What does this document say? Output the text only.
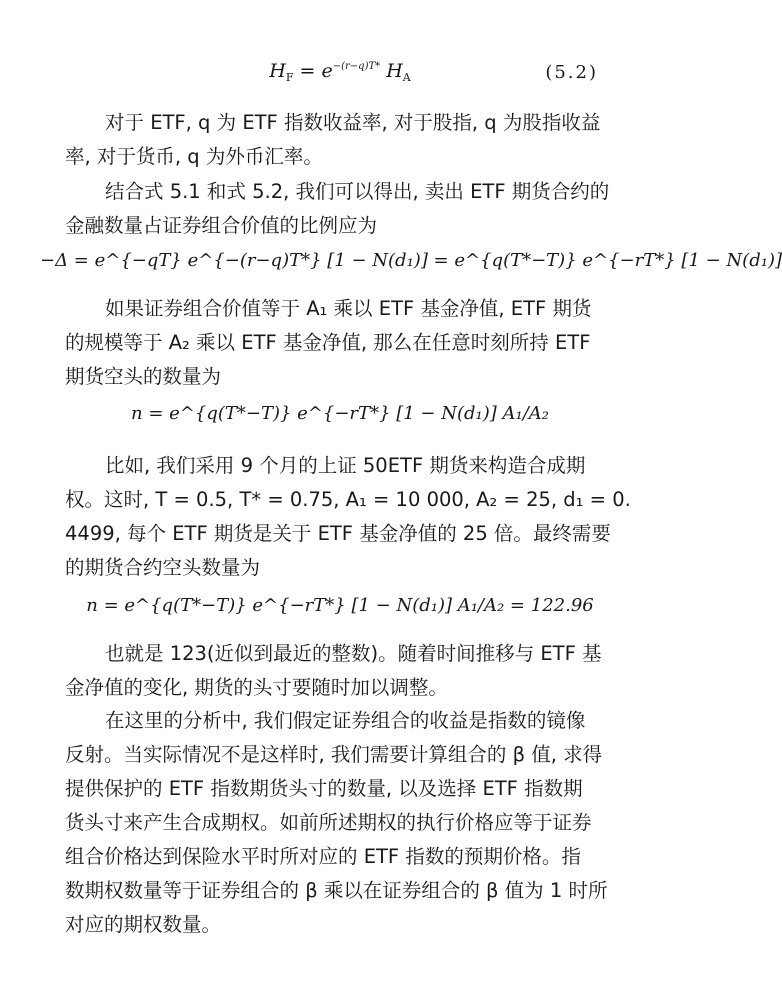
$H_F = e^{-(r-q)T*}$ $H_A$	(5.2)
对于 ETF, q 为 ETF 指数收益率, 对于股指, q 为股指收益
率, 对于货币, q 为外币汇率。
结合式 5.1 和式 5.2, 我们可以得出, 卖出 ETF 期货合约的
金融数量占证券组合价值的比例应为
−Δ = e^{−qT} e^{−(r−q)T*} [1 − N(d₁)] = e^{q(T*−T)} e^{−rT*} [1 − N(d₁)]
如果证券组合价值等于 A₁ 乘以 ETF 基金净值, ETF 期货
的规模等于 A₂ 乘以 ETF 基金净值, 那么在任意时刻所持 ETF
期货空头的数量为
n = e^{q(T*−T)} e^{−rT*} [1 − N(d₁)] A₁/A₂
比如, 我们采用 9 个月的上证 50ETF 期货来构造合成期
权。这时, T = 0.5, T* = 0.75, A₁ = 10 000, A₂ = 25, d₁ = 0.
4499, 每个 ETF 期货是关于 ETF 基金净值的 25 倍。最终需要
的期货合约空头数量为
n = e^{q(T*−T)} e^{−rT*} [1 − N(d₁)] A₁/A₂ = 122.96
也就是 123(近似到最近的整数)。随着时间推移与 ETF 基
金净值的变化, 期货的头寸要随时加以调整。
在这里的分析中, 我们假定证券组合的收益是指数的镜像
反射。当实际情况不是这样时, 我们需要计算组合的 β 值, 求得
提供保护的 ETF 指数期货头寸的数量, 以及选择 ETF 指数期
货头寸来产生合成期权。如前所述期权的执行价格应等于证券
组合价格达到保险水平时所对应的 ETF 指数的预期价格。指
数期权数量等于证券组合的 β 乘以在证券组合的 β 值为 1 时所
对应的期权数量。
